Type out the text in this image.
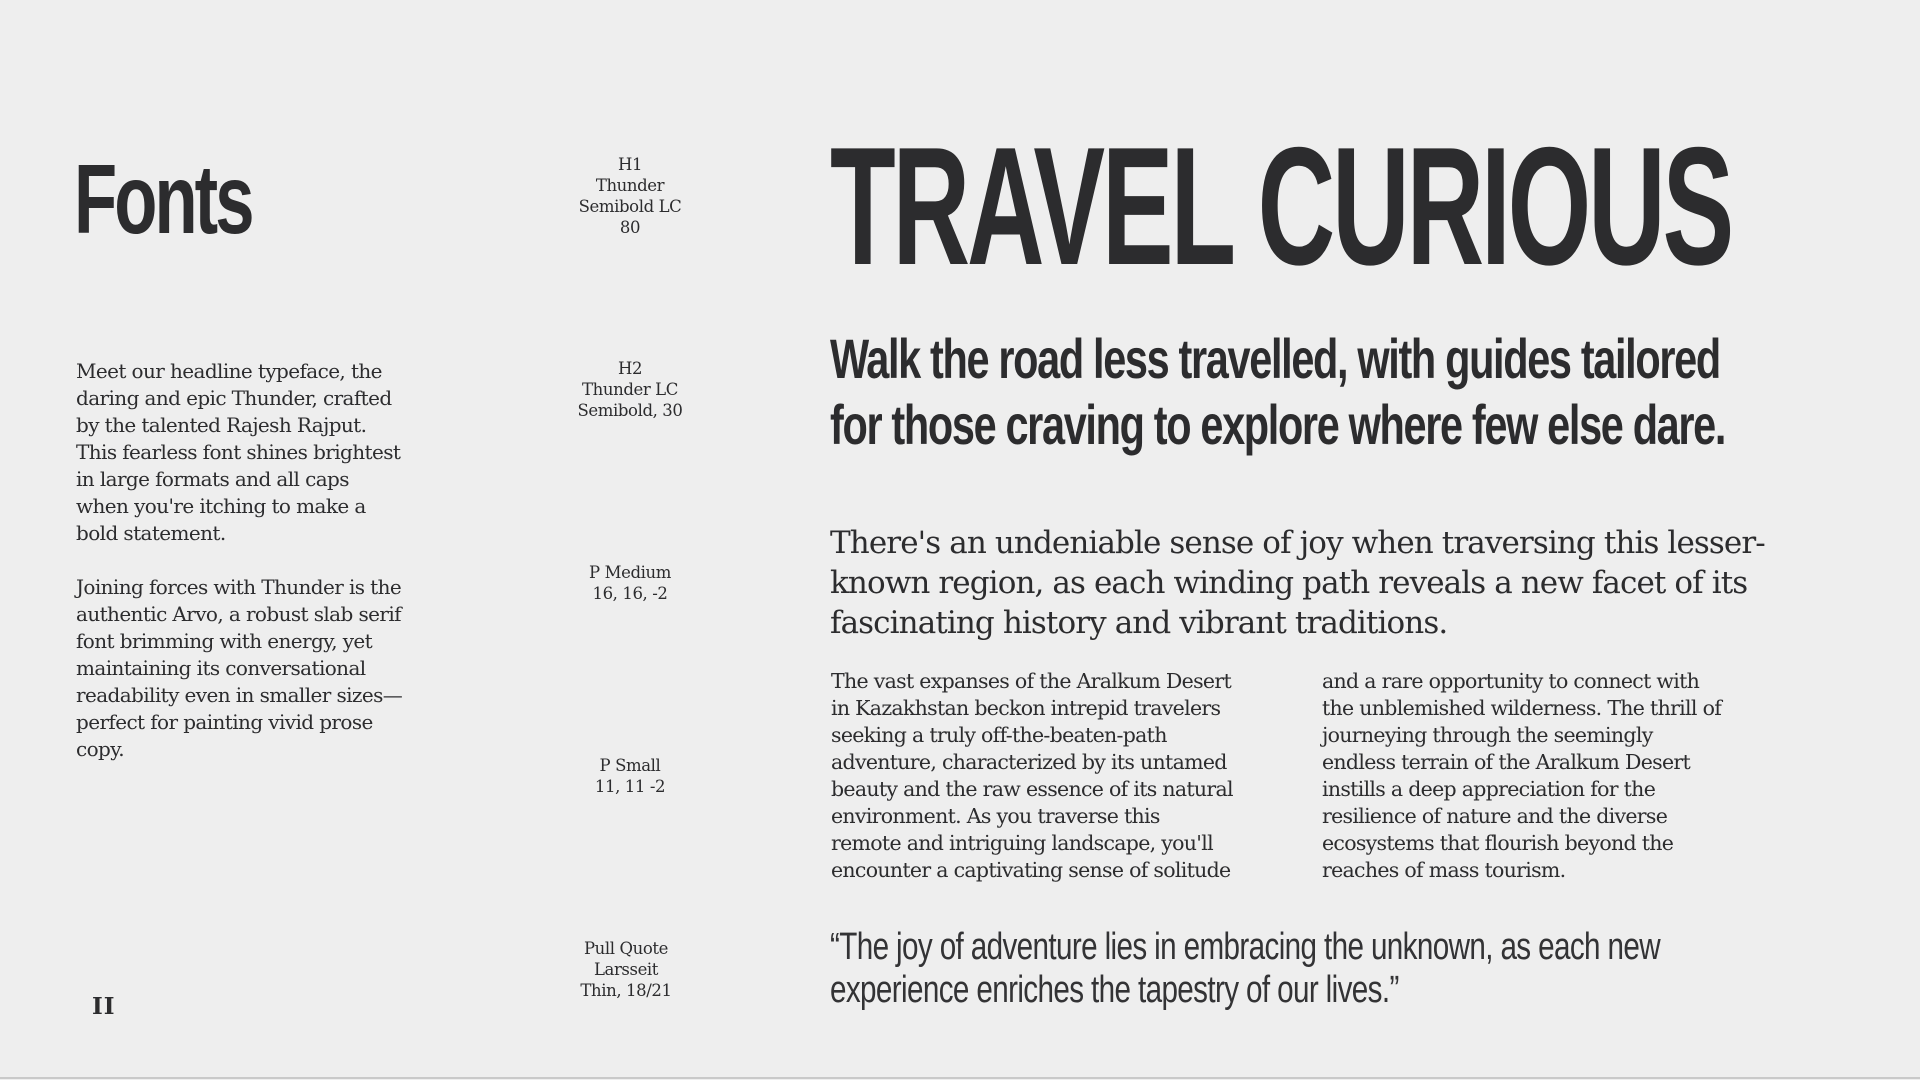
Fonts

Meet our headline typeface, the daring and epic Thunder, crafted by the talented Rajesh Rajput. This fearless font shines brightest in large formats and all caps when you're itching to make a bold statement.

Joining forces with Thunder is the authentic Arvo, a robust slab serif font brimming with energy, yet maintaining its conversational readability even in smaller sizes—perfect for painting vivid prose copy.

II
H1
Thunder
Semibold LC
80
H2
Thunder LC
Semibold, 30
P Medium
16, 16, -2
P Small
11, 11 -2
Pull Quote
Larsseit
Thin, 18/21
TRAVEL CURIOUS
Walk the road less travelled, with guides tailored
for those craving to explore where few else dare.
There's an undeniable sense of joy when traversing this lesser-
known region, as each winding path reveals a new facet of its
fascinating history and vibrant traditions.
The vast expanses of the Aralkum Desert
in Kazakhstan beckon intrepid travelers
seeking a truly off-the-beaten-path
adventure, characterized by its untamed
beauty and the raw essence of its natural
environment. As you traverse this
remote and intriguing landscape, you'll
encounter a captivating sense of solitude
and a rare opportunity to connect with
the unblemished wilderness. The thrill of
journeying through the seemingly
endless terrain of the Aralkum Desert
instills a deep appreciation for the
resilience of nature and the diverse
ecosystems that flourish beyond the
reaches of mass tourism.
“The joy of adventure lies in embracing the unknown, as each new
experience enriches the tapestry of our lives.”
